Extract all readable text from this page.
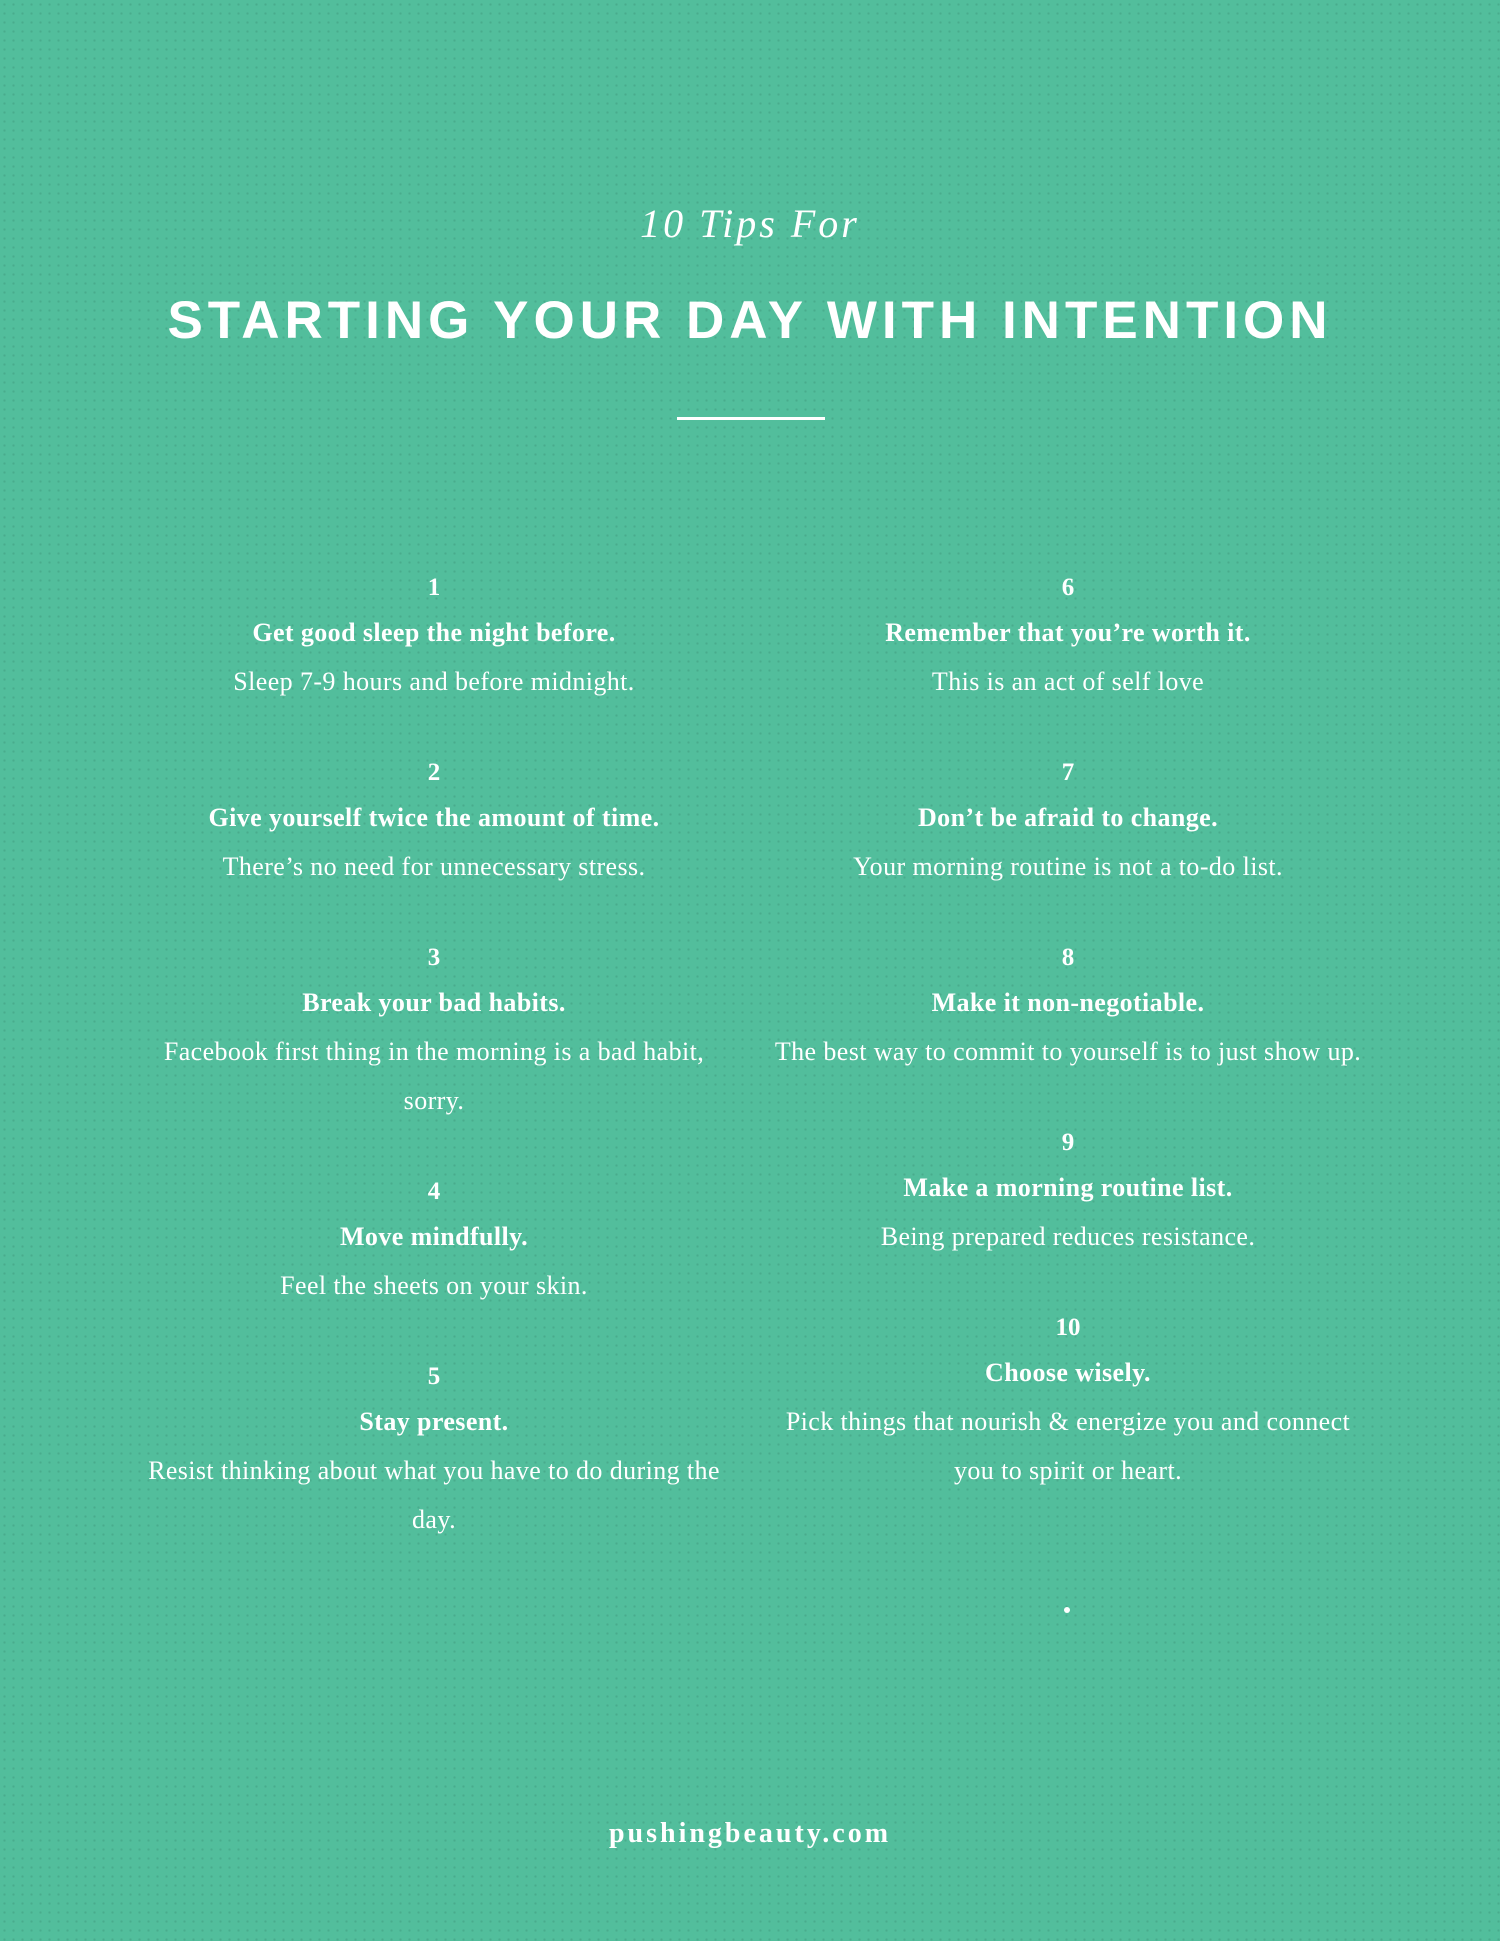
10 Tips For
STARTING YOUR DAY WITH INTENTION
1
Get good sleep the night before.
Sleep 7-9 hours and before midnight.
2
Give yourself twice the amount of time.
There’s no need for unnecessary stress.
3
Break your bad habits.
Facebook first thing in the morning is a bad habit, sorry.
4
Move mindfully.
Feel the sheets on your skin.
5
Stay present.
Resist thinking about what you have to do during the day.
6
Remember that you’re worth it.
This is an act of self love
7
Don’t be afraid to change.
Your morning routine is not a to-do list.
8
Make it non-negotiable.
The best way to commit to yourself is to just show up.
9
Make a morning routine list.
Being prepared reduces resistance.
10
Choose wisely.
Pick things that nourish & energize you and connect you to spirit or heart.
pushingbeauty.com
